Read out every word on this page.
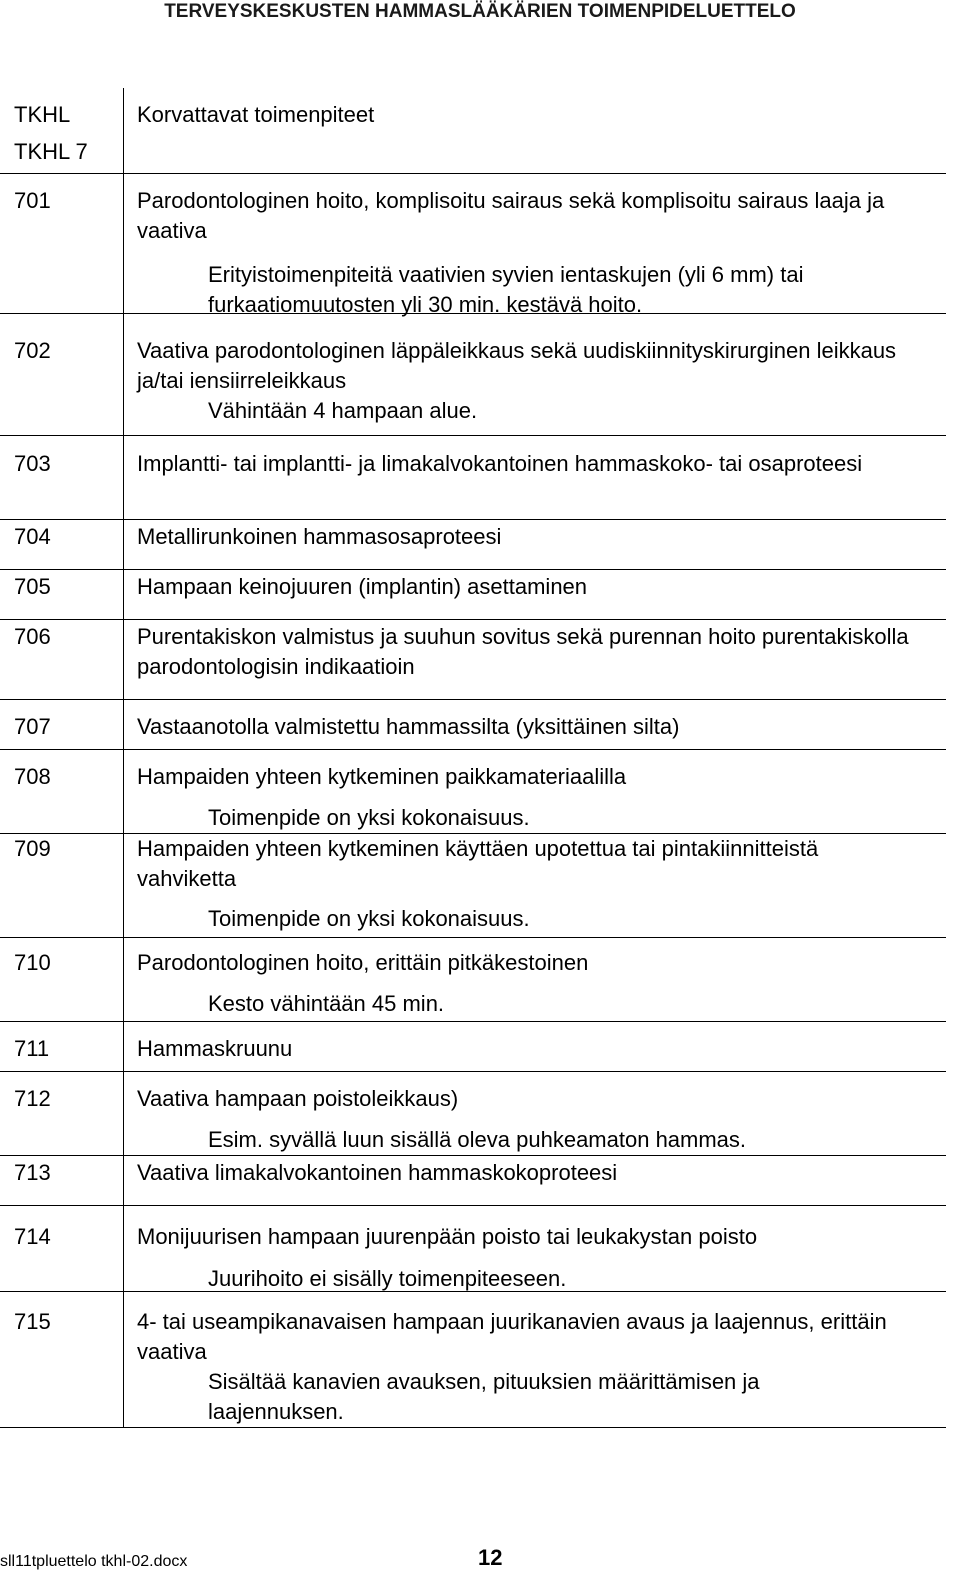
TERVEYSKESKUSTEN HAMMASLÄÄKÄRIEN TOIMENPIDELUETTELO
TKHL
TKHL 7
Korvattavat toimenpiteet
701	Parodontologinen hoito, komplisoitu sairaus sekä komplisoitu sairaus laaja ja vaativa
Erityistoimenpiteitä vaativien syvien ientaskujen (yli 6 mm) tai furkaatiomuutosten yli 30 min. kestävä hoito.
702	Vaativa parodontologinen läppäleikkaus sekä uudiskiinnityskirurginen leikkaus ja/tai iensiirreleikkaus
Vähintään 4 hampaan alue.
703	Implantti- tai implantti- ja limakalvokantoinen hammaskoko- tai osaproteesi
704	Metallirunkoinen hammasosaproteesi
705	Hampaan keinojuuren (implantin) asettaminen
706	Purentakiskon valmistus ja suuhun sovitus sekä purennan hoito purentakiskolla parodontologisin indikaatioin
707	Vastaanotolla valmistettu hammassilta (yksittäinen silta)
708	Hampaiden yhteen kytkeminen paikkamateriaalilla
Toimenpide on yksi kokonaisuus.
709	Hampaiden yhteen kytkeminen käyttäen upotettua tai pintakiinnitteistä vahviketta
Toimenpide on yksi kokonaisuus.
710	Parodontologinen hoito, erittäin pitkäkestoinen
Kesto vähintään 45 min.
711	Hammaskruunu
712	Vaativa hampaan poistoleikkaus)
Esim. syvällä luun sisällä oleva puhkeamaton hammas.
713	Vaativa limakalvokantoinen hammaskokoproteesi
714	Monijuurisen hampaan juurenpään poisto tai leukakystan poisto
Juurihoito ei sisälly toimenpiteeseen.
715	4- tai useampikanavaisen hampaan juurikanavien avaus ja laajennus, erittäin vaativa
Sisältää kanavien avauksen, pituuksien määrittämisen ja laajennuksen.
sll11tpluettelo tkhl-02.docx	12
